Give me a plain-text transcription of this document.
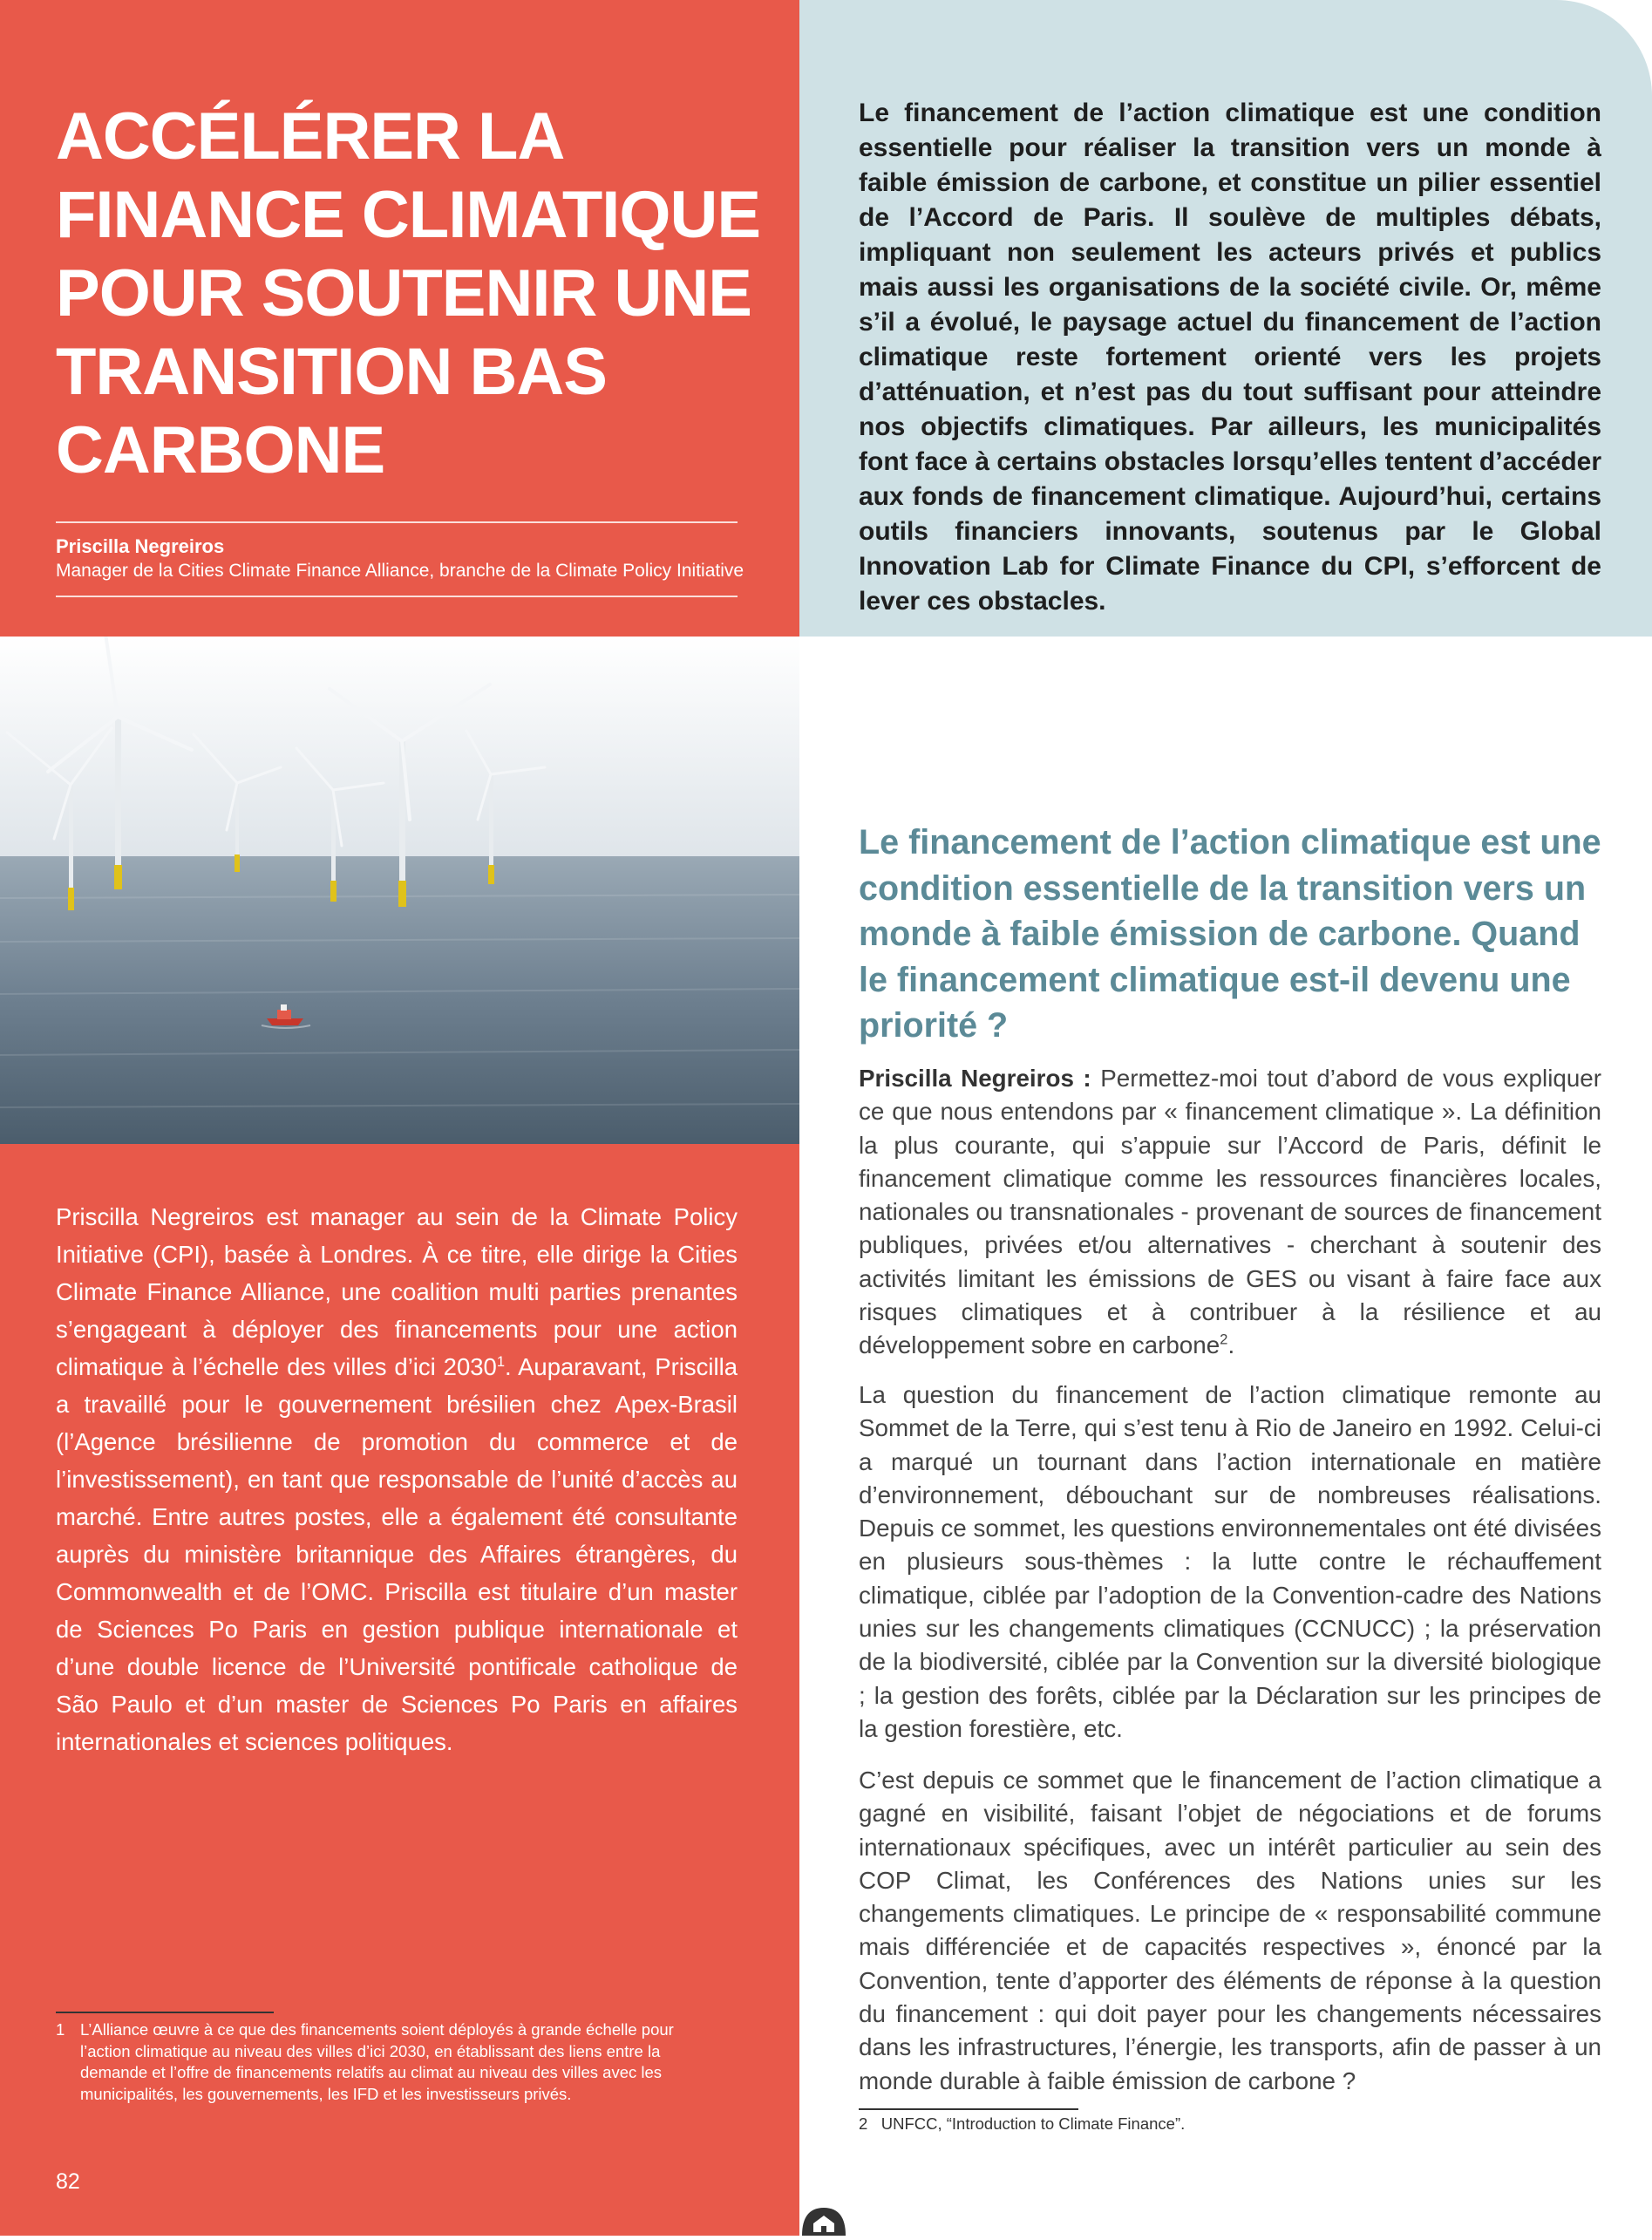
ACCÉLÉRER LA FINANCE CLIMATIQUE POUR SOUTENIR UNE TRANSITION BAS CARBONE
Priscilla Negreiros
Manager de la Cities Climate Finance Alliance, branche de la Climate Policy Initiative

Le financement de l’action climatique est une condition essentielle pour réaliser la transition vers un monde à faible émission de carbone, et constitue un pilier essentiel de l’Accord de Paris. Il soulève de multiples débats, impliquant non seulement les acteurs privés et publics mais aussi les organisations de la société civile. Or, même s’il a évolué, le paysage actuel du financement de l’action climatique reste fortement orienté vers les projets d’atténuation, et n’est pas du tout suffisant pour atteindre nos objectifs climatiques. Par ailleurs, les municipalités font face à certains obstacles lorsqu’elles tentent d’accéder aux fonds de financement climatique. Aujourd’hui, certains outils financiers innovants, soutenus par le Global Innovation Lab for Climate Finance du CPI, s’efforcent de lever ces obstacles.

Priscilla Negreiros est manager au sein de la Climate Policy Initiative (CPI), basée à Londres. À ce titre, elle dirige la Cities Climate Finance Alliance, une coalition multi parties prenantes s’engageant à déployer des financements pour une action climatique à l’échelle des villes d’ici 2030$^1$. Auparavant, Priscilla a travaillé pour le gouvernement brésilien chez Apex-Brasil (l’Agence brésilienne de promotion du commerce et de l’investissement), en tant que responsable de l’unité d’accès au marché. Entre autres postes, elle a également été consultante auprès du ministère britannique des Affaires étrangères, du Commonwealth et de l’OMC. Priscilla est titulaire d’un master de Sciences Po Paris en gestion publique internationale et d’une double licence de l’Université pontificale catholique de São Paulo et d’un master de Sciences Po Paris en affaires internationales et sciences politiques.

1 L’Alliance œuvre à ce que des financements soient déployés à grande échelle pour l’action climatique au niveau des villes d’ici 2030, en établissant des liens entre la demande et l’offre de financements relatifs au climat au niveau des villes avec les municipalités, les gouvernements, les IFD et les investisseurs privés.
82
Le financement de l’action climatique est une condition essentielle de la transition vers un monde à faible émission de carbone. Quand le financement climatique est-il devenu une priorité ?

Priscilla Negreiros : Permettez-moi tout d’abord de vous expliquer ce que nous entendons par « financement climatique ». La définition la plus courante, qui s’appuie sur l’Accord de Paris, définit le financement climatique comme les ressources financières locales, nationales ou transnationales - provenant de sources de financement publiques, privées et/ou alternatives - cherchant à soutenir des activités limitant les émissions de GES ou visant à faire face aux risques climatiques et à contribuer à la résilience et au développement sobre en carbone$^2$.

La question du financement de l’action climatique remonte au Sommet de la Terre, qui s’est tenu à Rio de Janeiro en 1992. Celui-ci a marqué un tournant dans l’action internationale en matière d’environnement, débouchant sur de nombreuses réalisations. Depuis ce sommet, les questions environnementales ont été divisées en plusieurs sous-thèmes : la lutte contre le réchauffement climatique, ciblée par l’adoption de la Convention-cadre des Nations unies sur les changements climatiques (CCNUCC) ; la préservation de la biodiversité, ciblée par la Convention sur la diversité biologique ; la gestion des forêts, ciblée par la Déclaration sur les principes de la gestion forestière, etc.

C’est depuis ce sommet que le financement de l’action climatique a gagné en visibilité, faisant l’objet de négociations et de forums internationaux spécifiques, avec un intérêt particulier au sein des COP Climat, les Conférences des Nations unies sur les changements climatiques. Le principe de « responsabilité commune mais différenciée et de capacités respectives », énoncé par la Convention, tente d’apporter des éléments de réponse à la question du financement : qui doit payer pour les changements nécessaires dans les infrastructures, l’énergie, les transports, afin de passer à un monde durable à faible émission de carbone ?

2 UNFCC, “Introduction to Climate Finance”.
